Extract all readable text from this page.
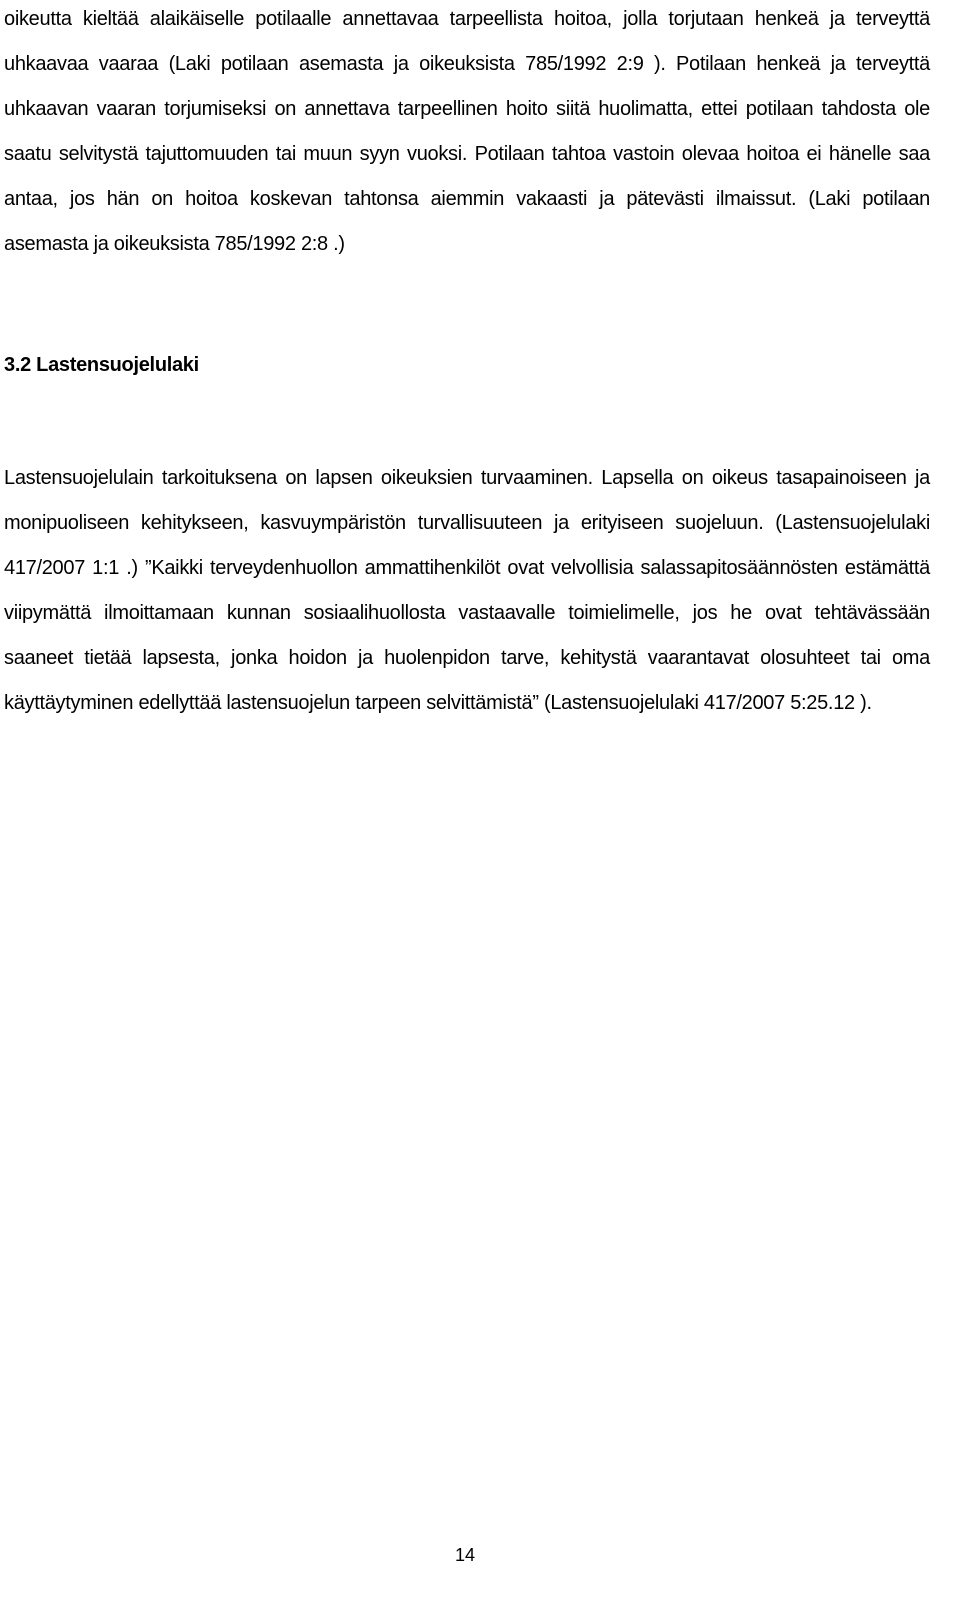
oikeutta kieltää alaikäiselle potilaalle annettavaa tarpeellista hoitoa, jolla torjutaan henkeä ja terveyttä uhkaavaa vaaraa (Laki potilaan asemasta ja oikeuksista 785/1992 2:9 ). Potilaan henkeä ja terveyttä uhkaavan vaaran torjumiseksi on annettava tarpeellinen hoito siitä huolimatta, ettei potilaan tahdosta ole saatu selvitystä tajuttomuuden tai muun syyn vuoksi. Potilaan tahtoa vastoin olevaa hoitoa ei hänelle saa antaa, jos hän on hoitoa koskevan tahtonsa aiemmin vakaasti ja pätevästi ilmaissut. (Laki potilaan asemasta ja oikeuksista 785/1992 2:8 .)

3.2 Lastensuojelulaki

Lastensuojelulain tarkoituksena on lapsen oikeuksien turvaaminen. Lapsella on oikeus tasapainoiseen ja monipuoliseen kehitykseen, kasvuympäristön turvallisuuteen ja erityiseen suojeluun. (Lastensuojelulaki 417/2007 1:1 .) ”Kaikki terveydenhuollon ammattihenkilöt ovat velvollisia salassapitosäännösten estämättä viipymättä ilmoittamaan kunnan sosiaalihuollosta vastaavalle toimielimelle, jos he ovat tehtävässään saaneet tietää lapsesta, jonka hoidon ja huolenpidon tarve, kehitystä vaarantavat olosuhteet tai oma käyttäytyminen edellyttää lastensuojelun tarpeen selvittämistä” (Lastensuojelulaki 417/2007 5:25.12 ).

14
